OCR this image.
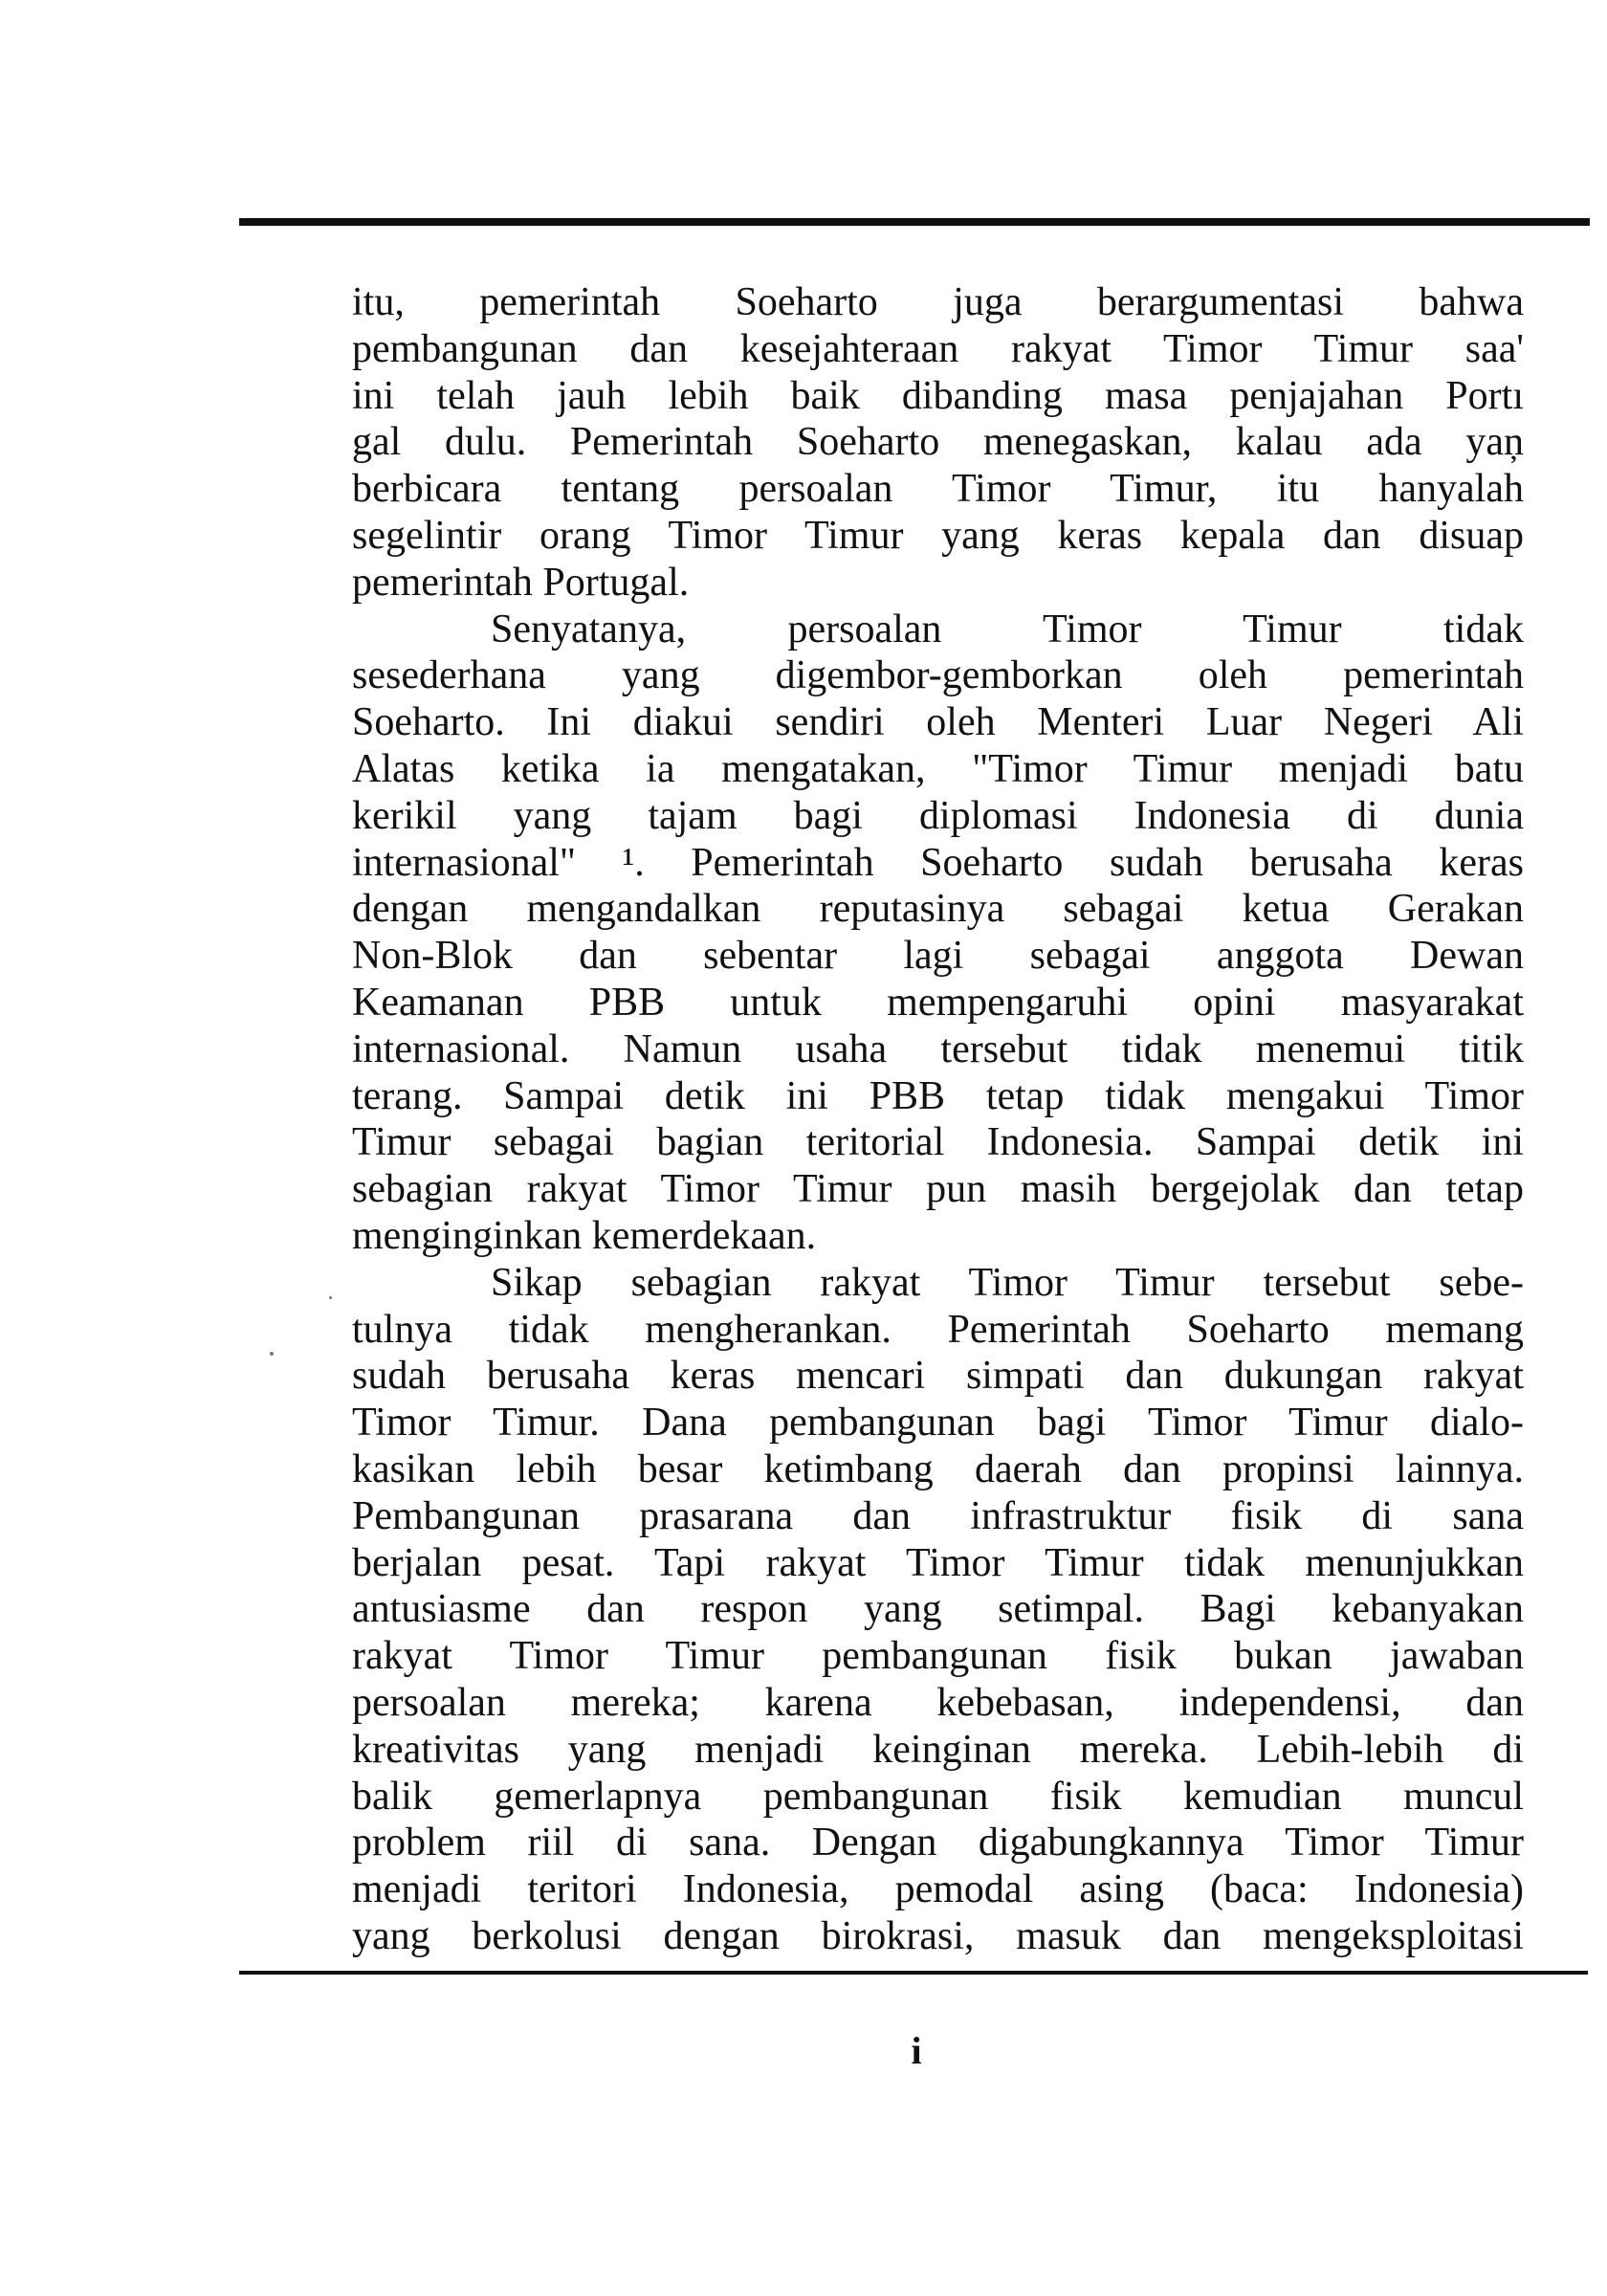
itu, pemerintah Soeharto juga berargumentasi bahwa
pembangunan dan kesejahteraan rakyat Timor Timur saa'
ini telah jauh lebih baik dibanding masa penjajahan Portı
gal dulu. Pemerintah Soeharto menegaskan, kalau ada yaņ
berbicara tentang persoalan Timor Timur, itu hanyalah
segelintir orang Timor Timur yang keras kepala dan disuap
pemerintah Portugal.
Senyatanya, persoalan Timor Timur tidak
sesederhana yang digembor-gemborkan oleh pemerintah
Soeharto. Ini diakui sendiri oleh Menteri Luar Negeri Ali
Alatas ketika ia mengatakan, "Timor Timur menjadi batu
kerikil yang tajam bagi diplomasi Indonesia di dunia
internasional" ¹. Pemerintah Soeharto sudah berusaha keras
dengan mengandalkan reputasinya sebagai ketua Gerakan
Non-Blok dan sebentar lagi sebagai anggota Dewan
Keamanan PBB untuk mempengaruhi opini masyarakat
internasional. Namun usaha tersebut tidak menemui titik
terang. Sampai detik ini PBB tetap tidak mengakui Timor
Timur sebagai bagian teritorial Indonesia. Sampai detik ini
sebagian rakyat Timor Timur pun masih bergejolak dan tetap
menginginkan kemerdekaan.
Sikap sebagian rakyat Timor Timur tersebut sebe-
tulnya tidak mengherankan. Pemerintah Soeharto memang
sudah berusaha keras mencari simpati dan dukungan rakyat
Timor Timur. Dana pembangunan bagi Timor Timur dialo-
kasikan lebih besar ketimbang daerah dan propinsi lainnya.
Pembangunan prasarana dan infrastruktur fisik di sana
berjalan pesat. Tapi rakyat Timor Timur tidak menunjukkan
antusiasme dan respon yang setimpal. Bagi kebanyakan
rakyat Timor Timur pembangunan fisik bukan jawaban
persoalan mereka; karena kebebasan, independensi, dan
kreativitas yang menjadi keinginan mereka. Lebih-lebih di
balik gemerlapnya pembangunan fisik kemudian muncul
problem riil di sana. Dengan digabungkannya Timor Timur
menjadi teritori Indonesia, pemodal asing (baca: Indonesia)
yang berkolusi dengan birokrasi, masuk dan mengeksploitasi
i
